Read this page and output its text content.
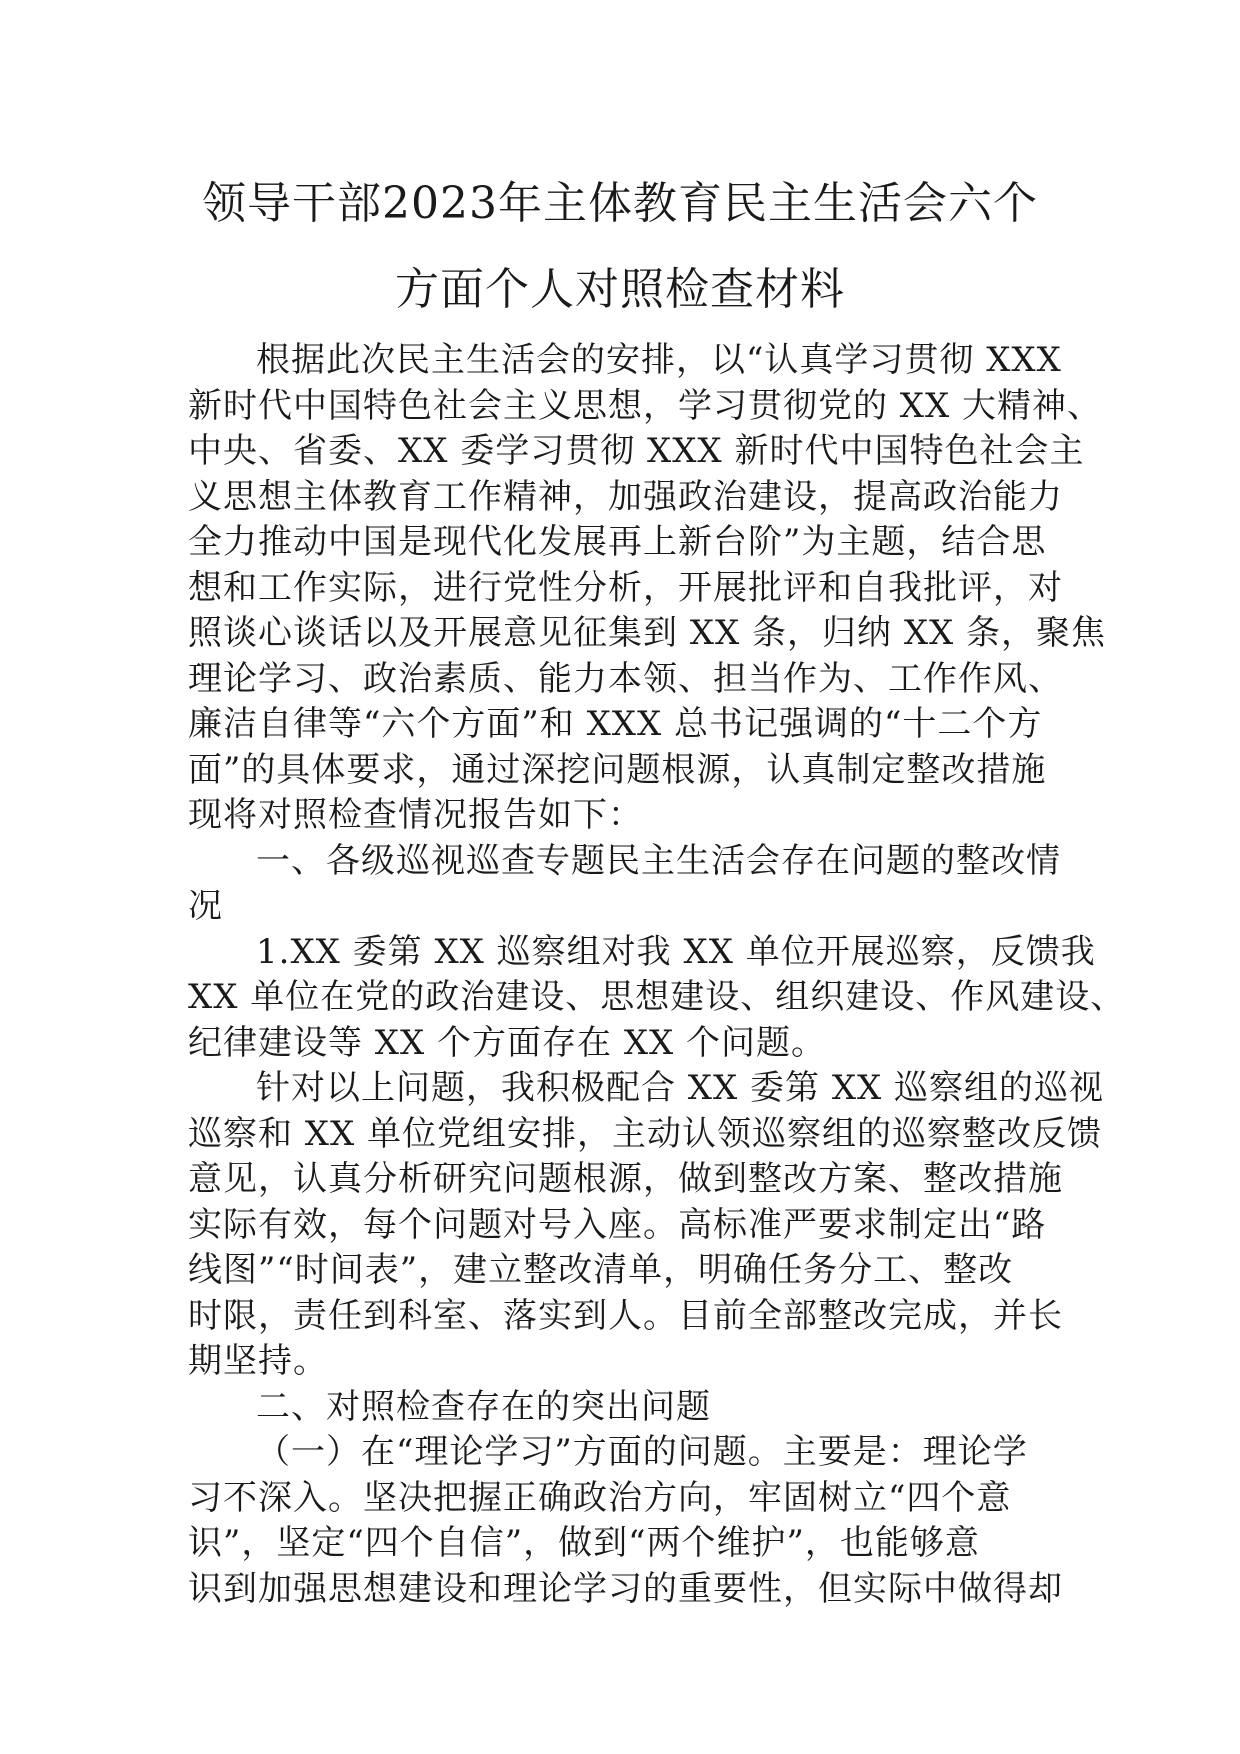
领导干部2023年主体教育民主生活会六个
方面个人对照检查材料

根据此次民主生活会的安排，以“认真学习贯彻 XXX

新时代中国特色社会主义思想，学习贯彻党的 XX 大精神、

中央、省委、XX 委学习贯彻 XXX 新时代中国特色社会主

义思想主体教育工作精神，加强政治建设，提高政治能力

全力推动中国是现代化发展再上新台阶”为主题，结合思

想和工作实际，进行党性分析，开展批评和自我批评，对

照谈心谈话以及开展意见征集到 XX 条，归纳 XX 条，聚焦

理论学习、政治素质、能力本领、担当作为、工作作风、

廉洁自律等“六个方面”和 XXX 总书记强调的“十二个方

面”的具体要求，通过深挖问题根源，认真制定整改措施

现将对照检查情况报告如下：

一、各级巡视巡查专题民主生活会存在问题的整改情

况

1.XX 委第 XX 巡察组对我 XX 单位开展巡察，反馈我

XX 单位在党的政治建设、思想建设、组织建设、作风建设、

纪律建设等 XX 个方面存在 XX 个问题。

针对以上问题，我积极配合 XX 委第 XX 巡察组的巡视

巡察和 XX 单位党组安排，主动认领巡察组的巡察整改反馈

意见，认真分析研究问题根源，做到整改方案、整改措施

实际有效，每个问题对号入座。高标准严要求制定出“路

线图”“时间表”，建立整改清单，明确任务分工、整改

时限，责任到科室、落实到人。目前全部整改完成，并长

期坚持。

二、对照检查存在的突出问题

（一）在“理论学习”方面的问题。主要是：理论学

习不深入。坚决把握正确政治方向，牢固树立“四个意

识”，坚定“四个自信”，做到“两个维护”，也能够意

识到加强思想建设和理论学习的重要性，但实际中做得却
